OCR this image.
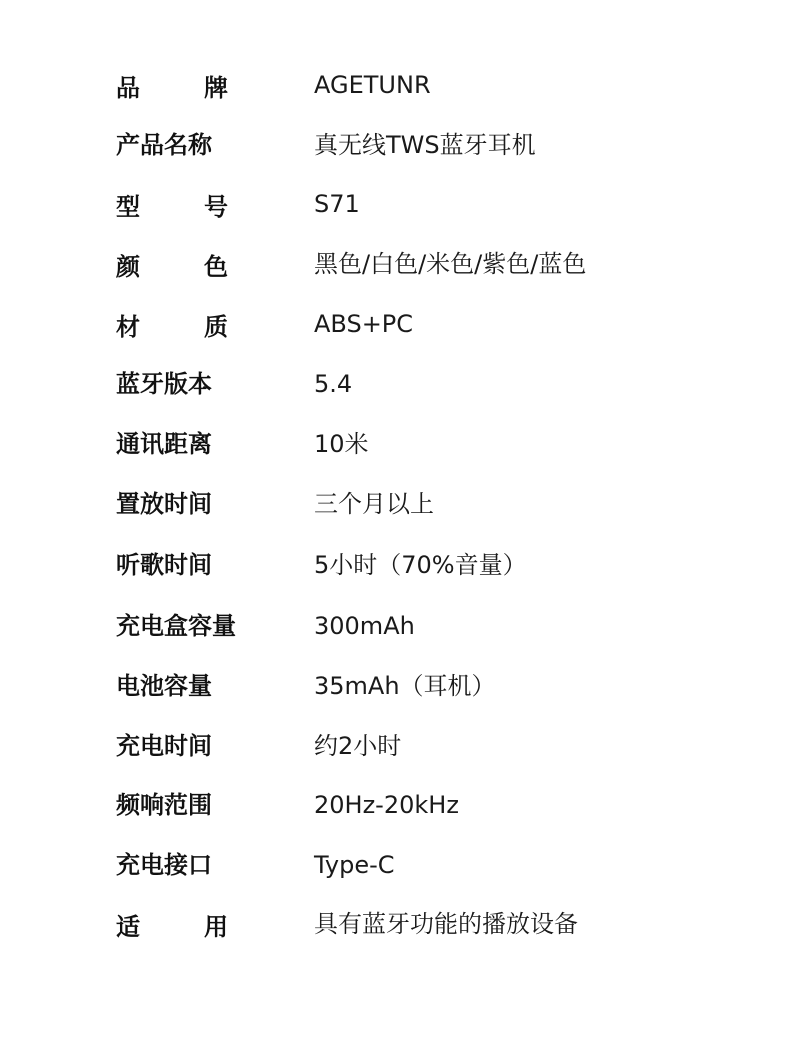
品	牌	AGETUNR
产品名称	真无线TWS蓝牙耳机
型	号	S71
颜	色	黑色/白色/米色/紫色/蓝色
材	质	ABS+PC
蓝牙版本	5.4
通讯距离	10米
置放时间	三个月以上
听歌时间	5小时（70%音量）
充电盒容量	300mAh
电池容量	35mAh（耳机）
充电时间	约2小时
频响范围	20Hz-20kHz
充电接口	Type-C
适	用	具有蓝牙功能的播放设备
